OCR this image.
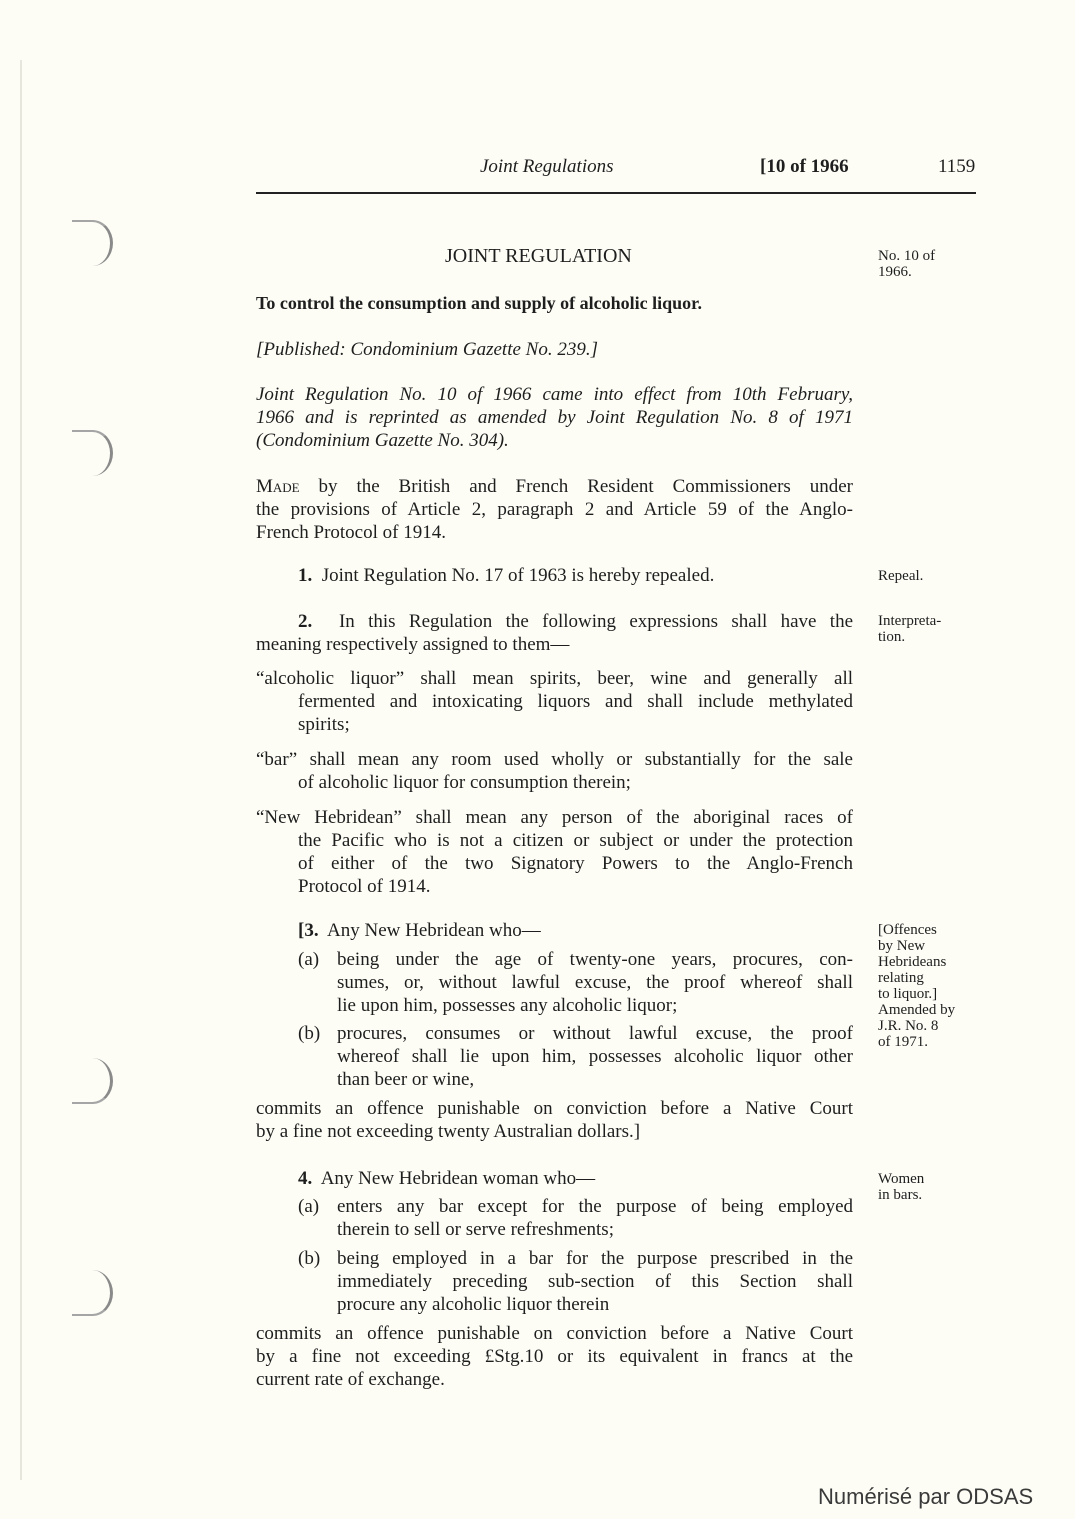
Joint Regulations	[10 of 1966	1159
JOINT REGULATION	No. 10 of
1966.
To control the consumption and supply of alcoholic liquor.
[Published: Condominium Gazette No. 239.]
Joint Regulation No. 10 of 1966 came into effect from 10th February,
1966 and is reprinted as amended by Joint Regulation No. 8 of 1971
(Condominium Gazette No. 304).
Made by the British and French Resident Commissioners under
the provisions of Article 2, paragraph 2 and Article 59 of the Anglo-
French Protocol of 1914.
1. Joint Regulation No. 17 of 1963 is hereby repealed.	Repeal.
2. In this Regulation the following expressions shall have the
meaning respectively assigned to them—
Interpreta-
tion.
“alcoholic liquor” shall mean spirits, beer, wine and generally all
fermented and intoxicating liquors and shall include methylated
spirits;
“bar” shall mean any room used wholly or substantially for the sale
of alcoholic liquor for consumption therein;
“New Hebridean” shall mean any person of the aboriginal races of
the Pacific who is not a citizen or subject or under the protection
of either of the two Signatory Powers to the Anglo-French
Protocol of 1914.
[3. Any New Hebridean who—
(a) being under the age of twenty-one years, procures, con-
sumes, or, without lawful excuse, the proof whereof shall
lie upon him, possesses any alcoholic liquor;
(b) procures, consumes or without lawful excuse, the proof
whereof shall lie upon him, possesses alcoholic liquor other
than beer or wine,
commits an offence punishable on conviction before a Native Court
by a fine not exceeding twenty Australian dollars.]
[Offences
by New
Hebrideans
relating
to liquor.]
Amended by
J.R. No. 8
of 1971.
4. Any New Hebridean woman who—	Women
in bars.
(a) enters any bar except for the purpose of being employed
therein to sell or serve refreshments;
(b) being employed in a bar for the purpose prescribed in the
immediately preceding sub-section of this Section shall
procure any alcoholic liquor therein
commits an offence punishable on conviction before a Native Court
by a fine not exceeding £Stg.10 or its equivalent in francs at the
current rate of exchange.
Numérisé par ODSAS
